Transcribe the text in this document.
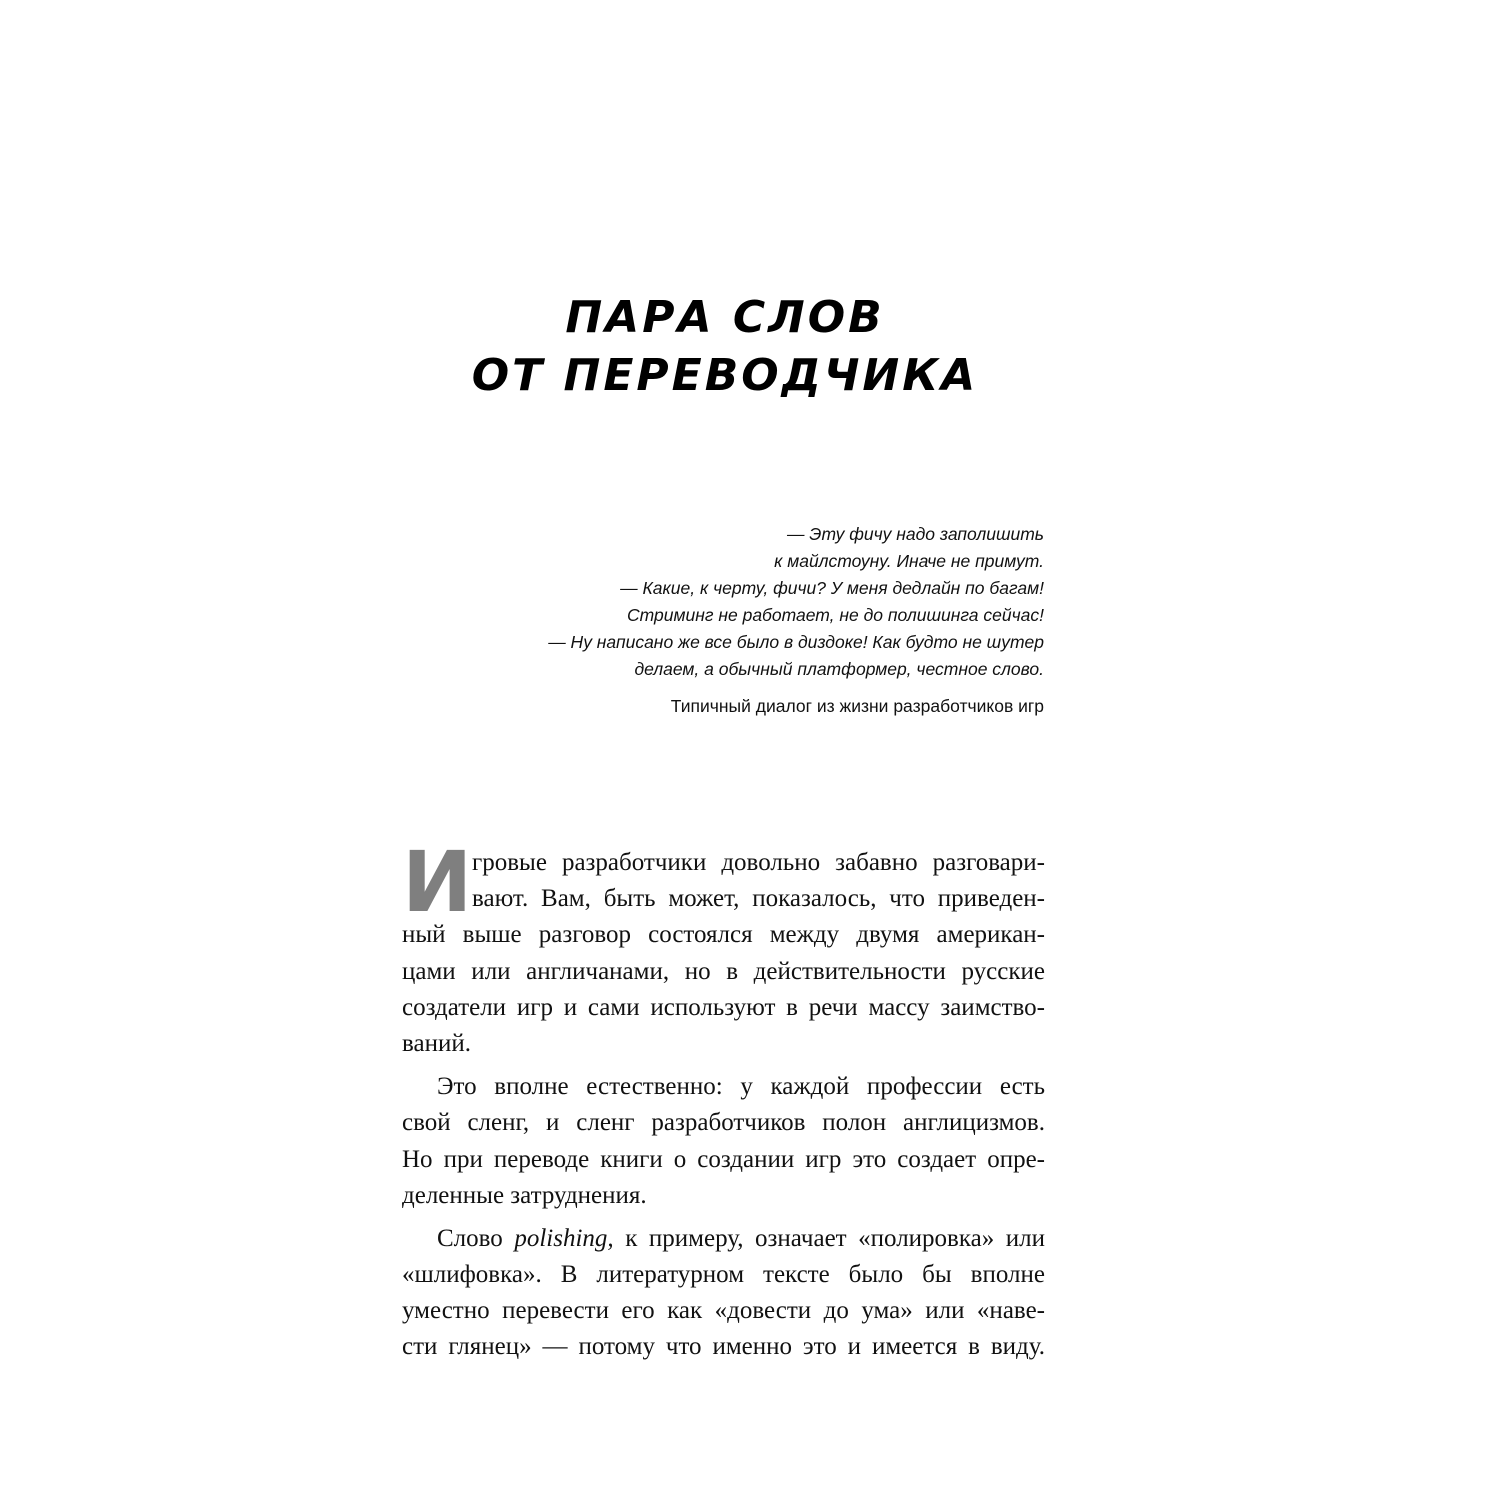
ПАРА СЛОВ
ОТ ПЕРЕВОДЧИКА
— Эту фичу надо заполишить
к майлстоуну. Иначе не примут.
— Какие, к черту, фичи? У меня дедлайн по багам!
Стриминг не работает, не до полишинга сейчас!
— Ну написано же все было в диздоке! Как будто не шутер
делаем, а обычный платформер, честное слово.
Типичный диалог из жизни разработчиков игр
И гровые разработчики довольно забавно разговари-
вают. Вам, быть может, показалось, что приведен-
ный выше разговор состоялся между двумя американ-
цами или англичанами, но в действительности русские
создатели игр и сами используют в речи массу заимство-
ваний.
Это вполне естественно: у каждой профессии есть
свой сленг, и сленг разработчиков полон англицизмов.
Но при переводе книги о создании игр это создает опре-
деленные затруднения.
Слово polishing, к примеру, означает «полировка» или
«шлифовка». В литературном тексте было бы вполне
уместно перевести его как «довести до ума» или «наве-
сти глянец» — потому что именно это и имеется в виду.
